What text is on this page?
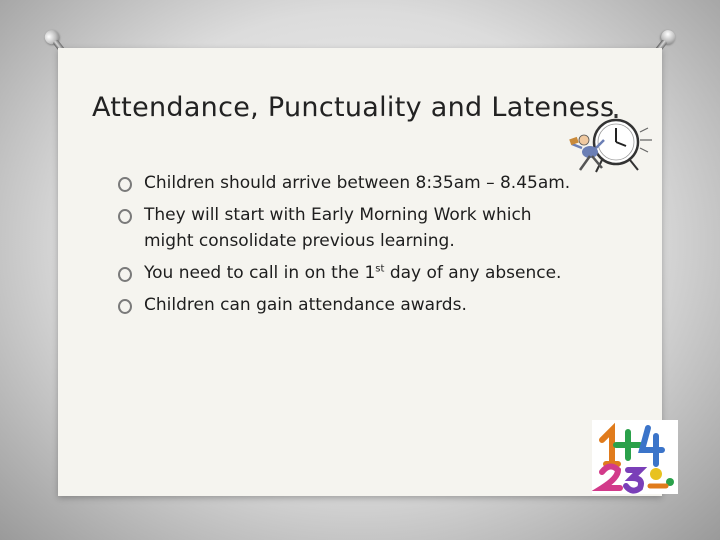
Attendance, Punctuality and Lateness
Children should arrive between 8:35am – 8.45am.
They will start with Early Morning Work which might consolidate previous learning.
You need to call in on the 1st day of any absence.
Children can gain attendance awards.
